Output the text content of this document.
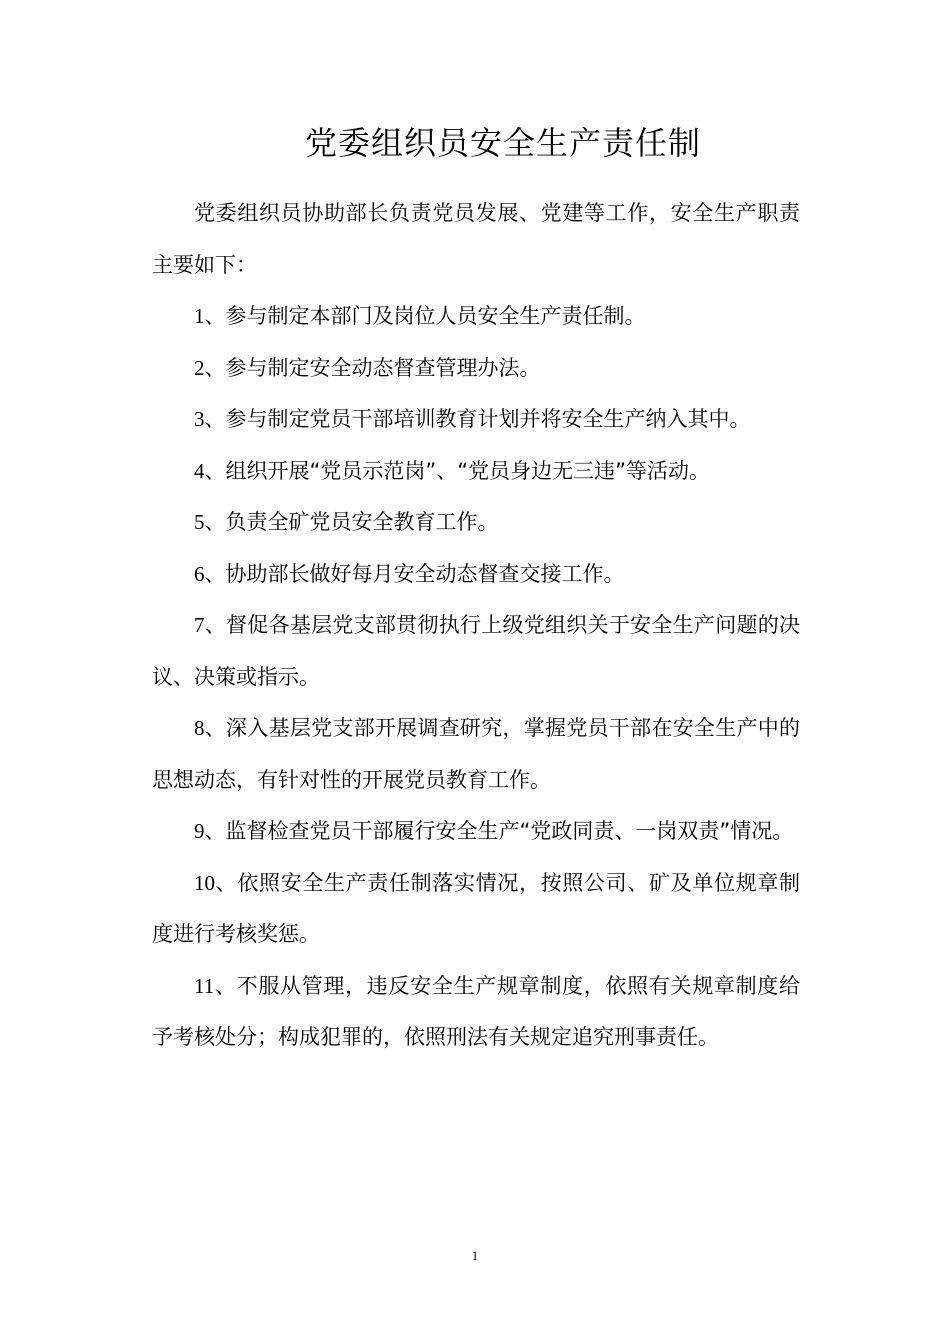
党委组织员安全生产责任制

党委组织员协助部长负责党员发展、党建等工作，安全生产职责主要如下：

1、参与制定本部门及岗位人员安全生产责任制。

2、参与制定安全动态督查管理办法。

3、参与制定党员干部培训教育计划并将安全生产纳入其中。

4、组织开展“党员示范岗”、“党员身边无三违”等活动。

5、负责全矿党员安全教育工作。

6、协助部长做好每月安全动态督查交接工作。

7、督促各基层党支部贯彻执行上级党组织关于安全生产问题的决议、决策或指示。

8、深入基层党支部开展调查研究，掌握党员干部在安全生产中的思想动态，有针对性的开展党员教育工作。

9、监督检查党员干部履行安全生产“党政同责、一岗双责”情况。

10、依照安全生产责任制落实情况，按照公司、矿及单位规章制度进行考核奖惩。

11、不服从管理，违反安全生产规章制度，依照有关规章制度给予考核处分；构成犯罪的，依照刑法有关规定追究刑事责任。

1
